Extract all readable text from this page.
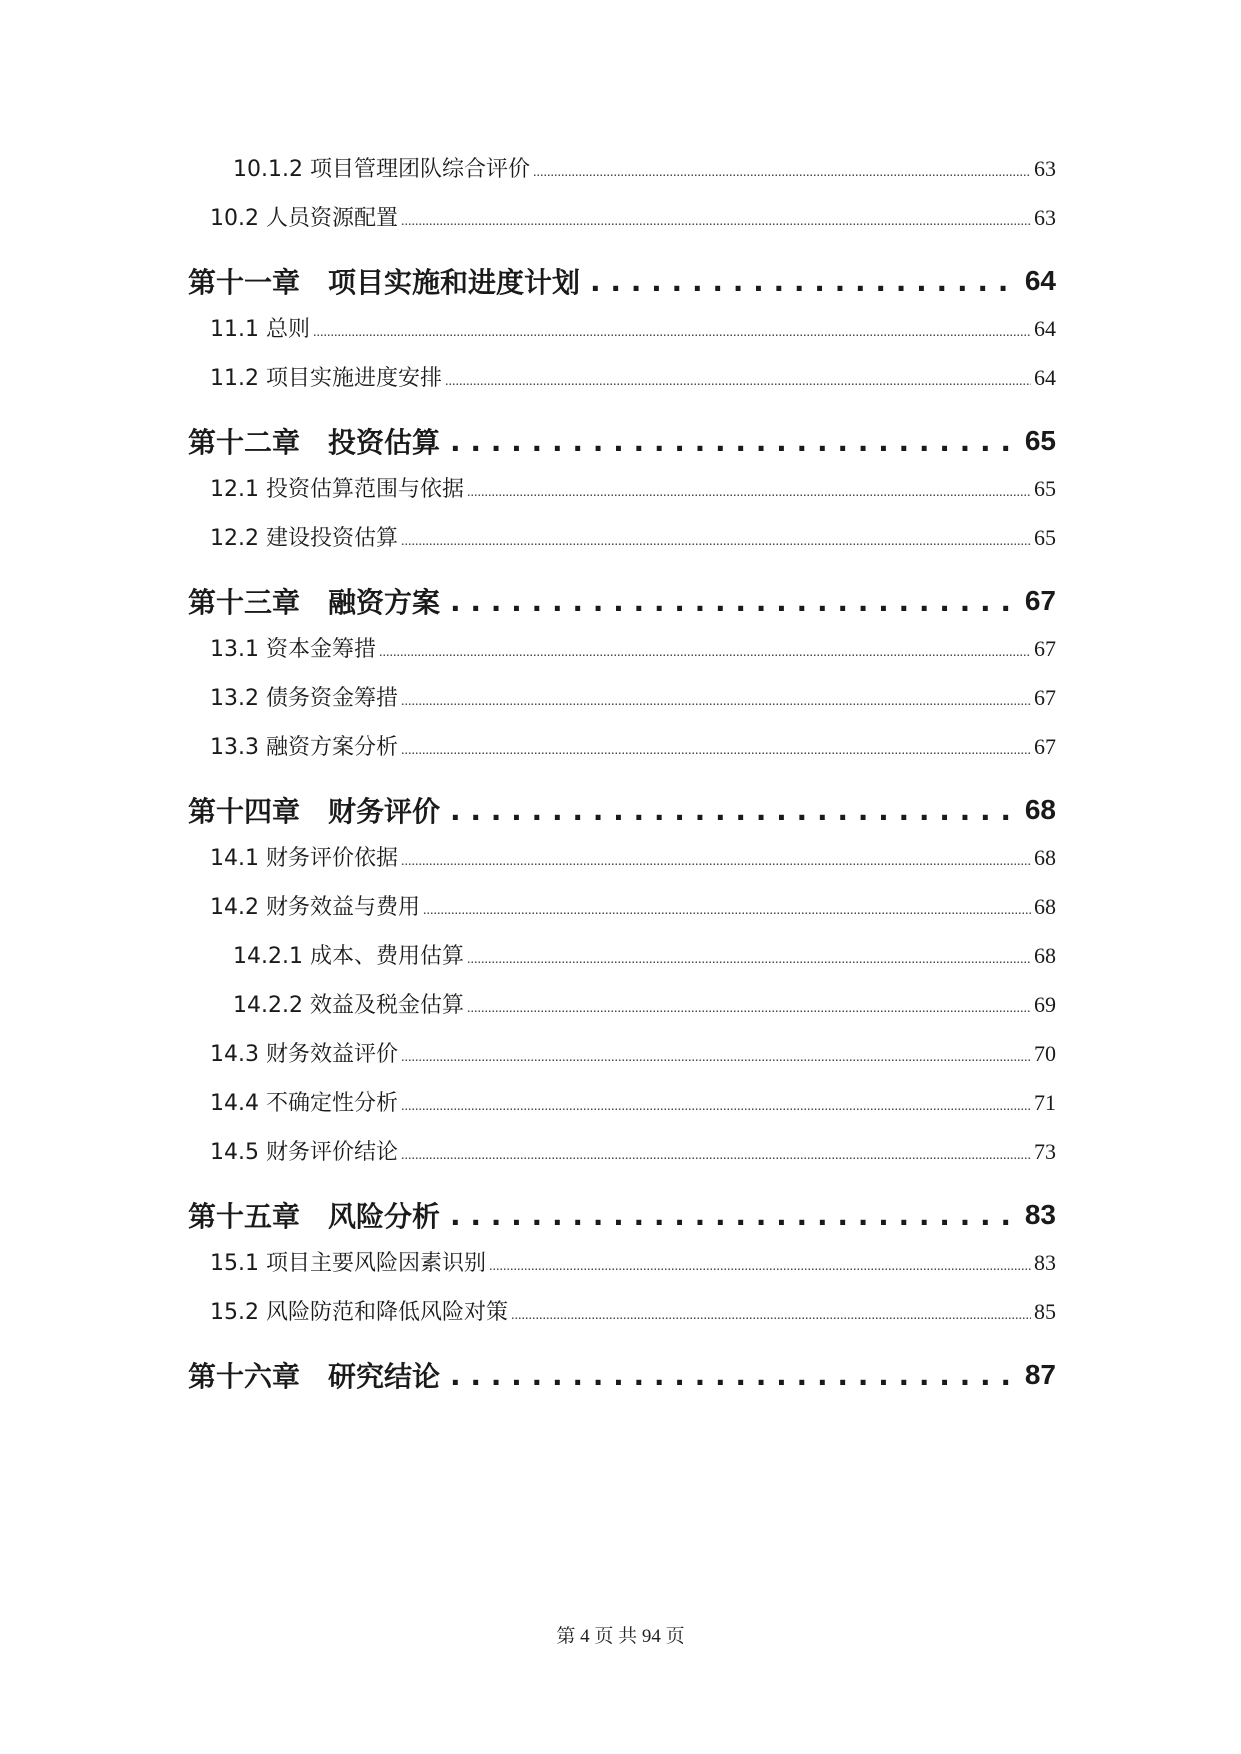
10.1.2 项目管理团队综合评价 .....	63
10.2 人员资源配置 .....	63
第十一章　项目实施和进度计划 . . .	64
11.1 总则 .....	64
11.2 项目实施进度安排 .....	64
第十二章　投资估算 . . .	65
12.1 投资估算范围与依据 .....	65
12.2 建设投资估算 .....	65
第十三章　融资方案 . . .	67
13.1 资本金筹措 .....	67
13.2 债务资金筹措 .....	67
13.3 融资方案分析 .....	67
第十四章　财务评价 . . .	68
14.1 财务评价依据 .....	68
14.2 财务效益与费用 .....	68
14.2.1 成本、费用估算 .....	68
14.2.2 效益及税金估算 .....	69
14.3 财务效益评价 .....	70
14.4 不确定性分析 .....	71
14.5 财务评价结论 .....	73
第十五章　风险分析 . . .	83
15.1 项目主要风险因素识别 .....	83
15.2 风险防范和降低风险对策 .....	85
第十六章　研究结论 . . .	87
第 4 页 共 94 页
